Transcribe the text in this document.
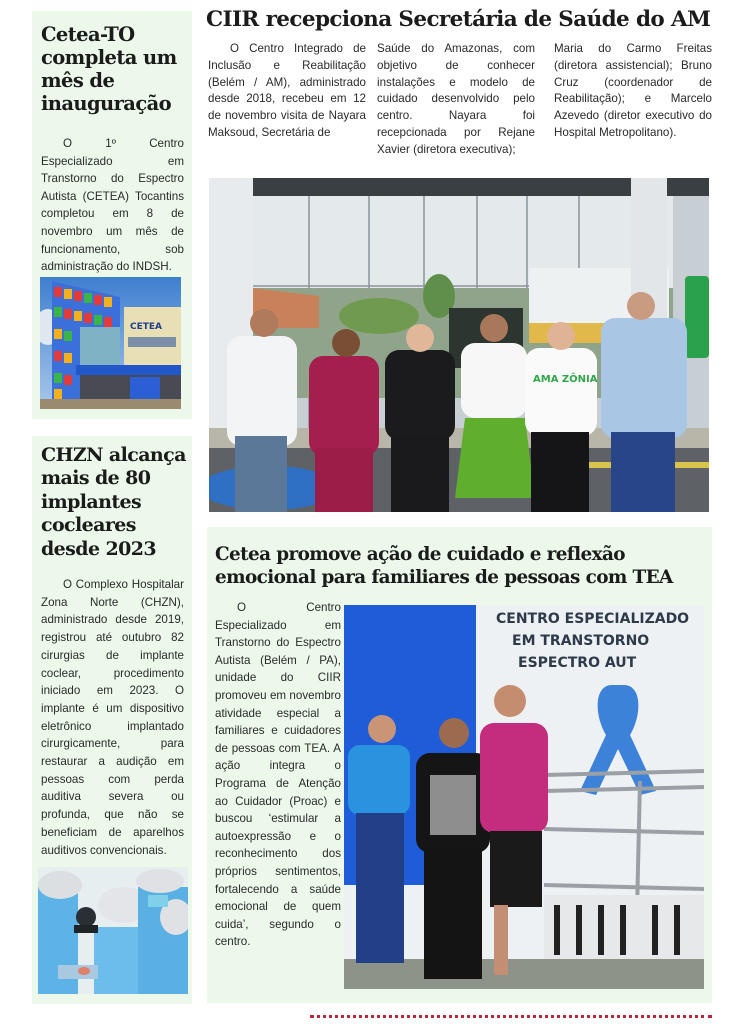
Cetea-TO completa um mês de inauguração

O 1º Centro Especializado em Transtorno do Espectro Autista (CETEA) Tocantins completou em 8 de novembro um mês de funcionamento, sob administração do INDSH.

CETEA
CHZN alcança mais de 80 implantes cocleares desde 2023

O Complexo Hospitalar Zona Norte (CHZN), administrado desde 2019, registrou até outubro 82 cirurgias de implante coclear, procedimento iniciado em 2023. O implante é um dispositivo eletrônico implantado cirurgicamente, para restaurar a audição em pessoas com perda auditiva severa ou profunda, que não se beneficiam de aparelhos auditivos convencionais.

CIIR recepciona Secretária de Saúde do AM

O Centro Integrado de Inclusão e Reabilitação (Belém / AM), administrado desde 2018, recebeu em 12 de novembro visita de Nayara Maksoud, Secretária de

Saúde do Amazonas, com objetivo de conhecer instalações e modelo de cuidado desenvolvido pelo centro. Nayara foi recepcionada por Rejane Xavier (diretora executiva);

Maria do Carmo Freitas (diretora assistencial); Bruno Cruz (coordenador de Reabilitação); e Marcelo Azevedo (diretor executivo do Hospital Metropolitano).

AMA ZÔNIA
Cetea promove ação de cuidado e reflexão emocional para familiares de pessoas com TEA

O Centro Especializado em Transtorno do Espectro Autista (Belém / PA), unidade do CIIR promoveu em novembro atividade especial a familiares e cuidadores de pessoas com TEA. A ação integra o Programa de Atenção ao Cuidador (Proac) e buscou ‘estimular a autoexpressão e o reconhecimento dos próprios sentimentos, fortalecendo a saúde emocional de quem cuida’, segundo o centro.

CENTRO ESPECIALIZADO
EM TRANSTORNO
ESPECTRO AUT
